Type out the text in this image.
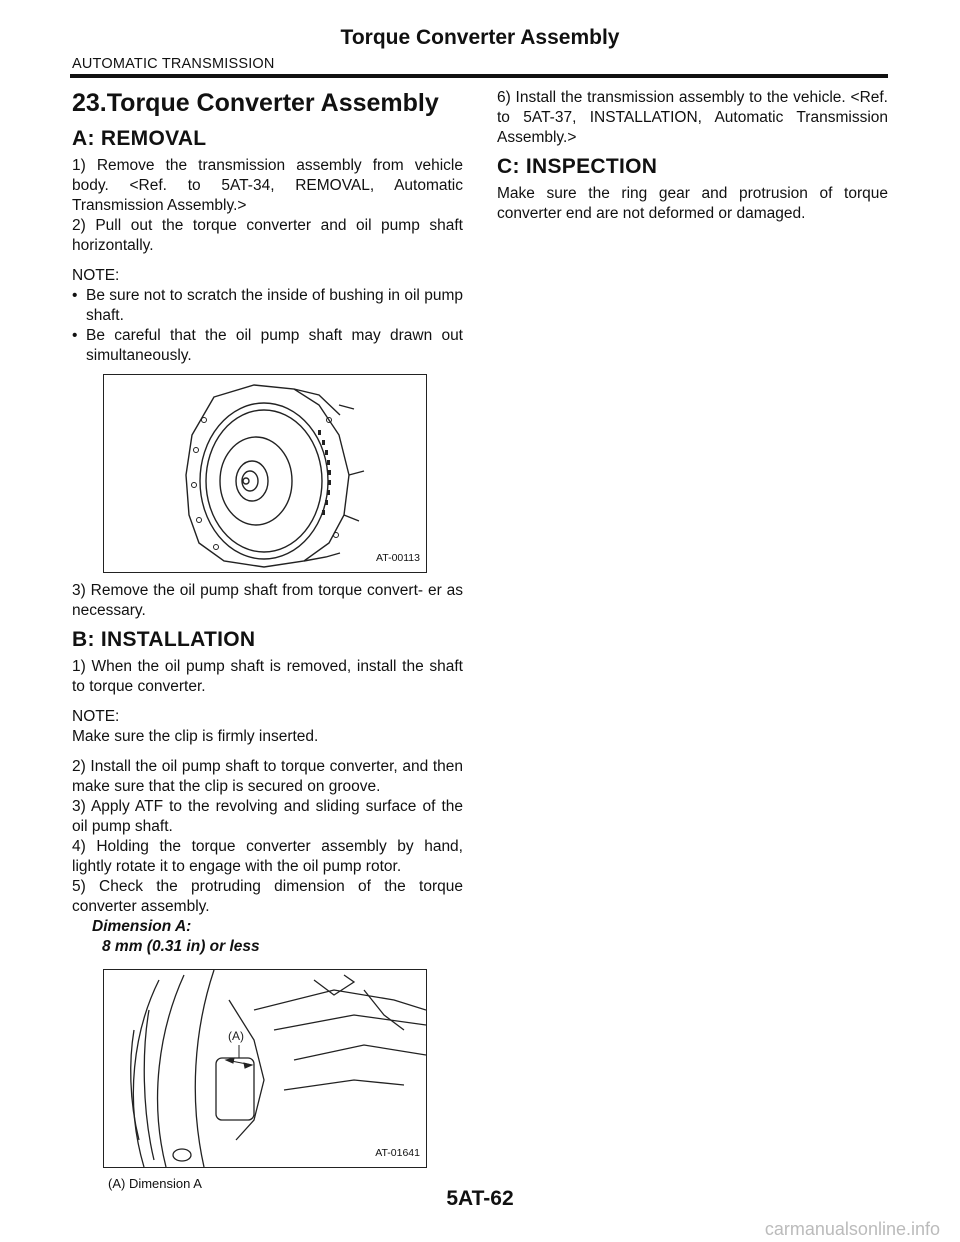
Torque Converter Assembly
AUTOMATIC TRANSMISSION
23.Torque Converter Assembly
A: REMOVAL

1) Remove the transmission assembly from vehicle body. <Ref. to 5AT-34, REMOVAL, Automatic Transmission Assembly.>

2) Pull out the torque converter and oil pump shaft horizontally.

NOTE:

• Be sure not to scratch the inside of bushing in oil pump shaft.

• Be careful that the oil pump shaft may drawn out simultaneously.

AT-00113

3) Remove the oil pump shaft from torque convert- er as necessary.

B: INSTALLATION

1) When the oil pump shaft is removed, install the shaft to torque converter.

NOTE:

Make sure the clip is firmly inserted.

2) Install the oil pump shaft to torque converter, and then make sure that the clip is secured on groove.

3) Apply ATF to the revolving and sliding surface of the oil pump shaft.

4) Holding the torque converter assembly by hand, lightly rotate it to engage with the oil pump rotor.

5) Check the protruding dimension of the torque converter assembly.

Dimension A:
8 mm (0.31 in) or less
(A)
AT-01641
(A) Dimension A

6) Install the transmission assembly to the vehicle. <Ref. to 5AT-37, INSTALLATION, Automatic Transmission Assembly.>

C: INSPECTION

Make sure the ring gear and protrusion of torque converter end are not deformed or damaged.

5AT-62
carmanualsonline.info
